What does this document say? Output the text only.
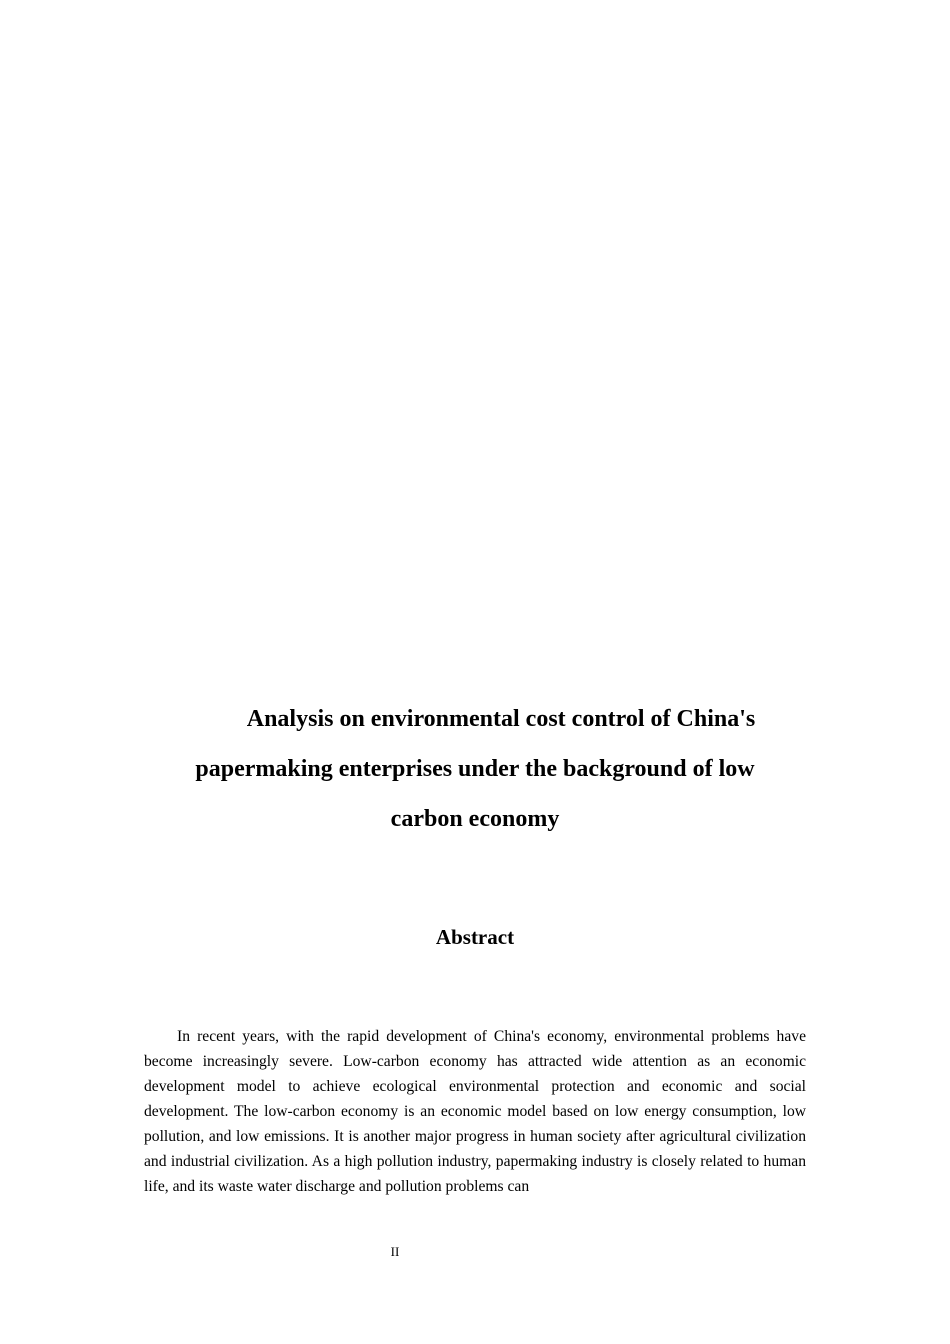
Analysis on environmental cost control of China's
papermaking enterprises under the background of low
carbon economy
Abstract

In recent years, with the rapid development of China's economy, environmental problems have become increasingly severe. Low-carbon economy has attracted wide attention as an economic development model to achieve ecological environmental protection and economic and social development. The low-carbon economy is an economic model based on low energy consumption, low pollution, and low emissions. It is another major progress in human society after agricultural civilization and industrial civilization. As a high pollution industry, papermaking industry is closely related to human life, and its waste water discharge and pollution problems can

II
